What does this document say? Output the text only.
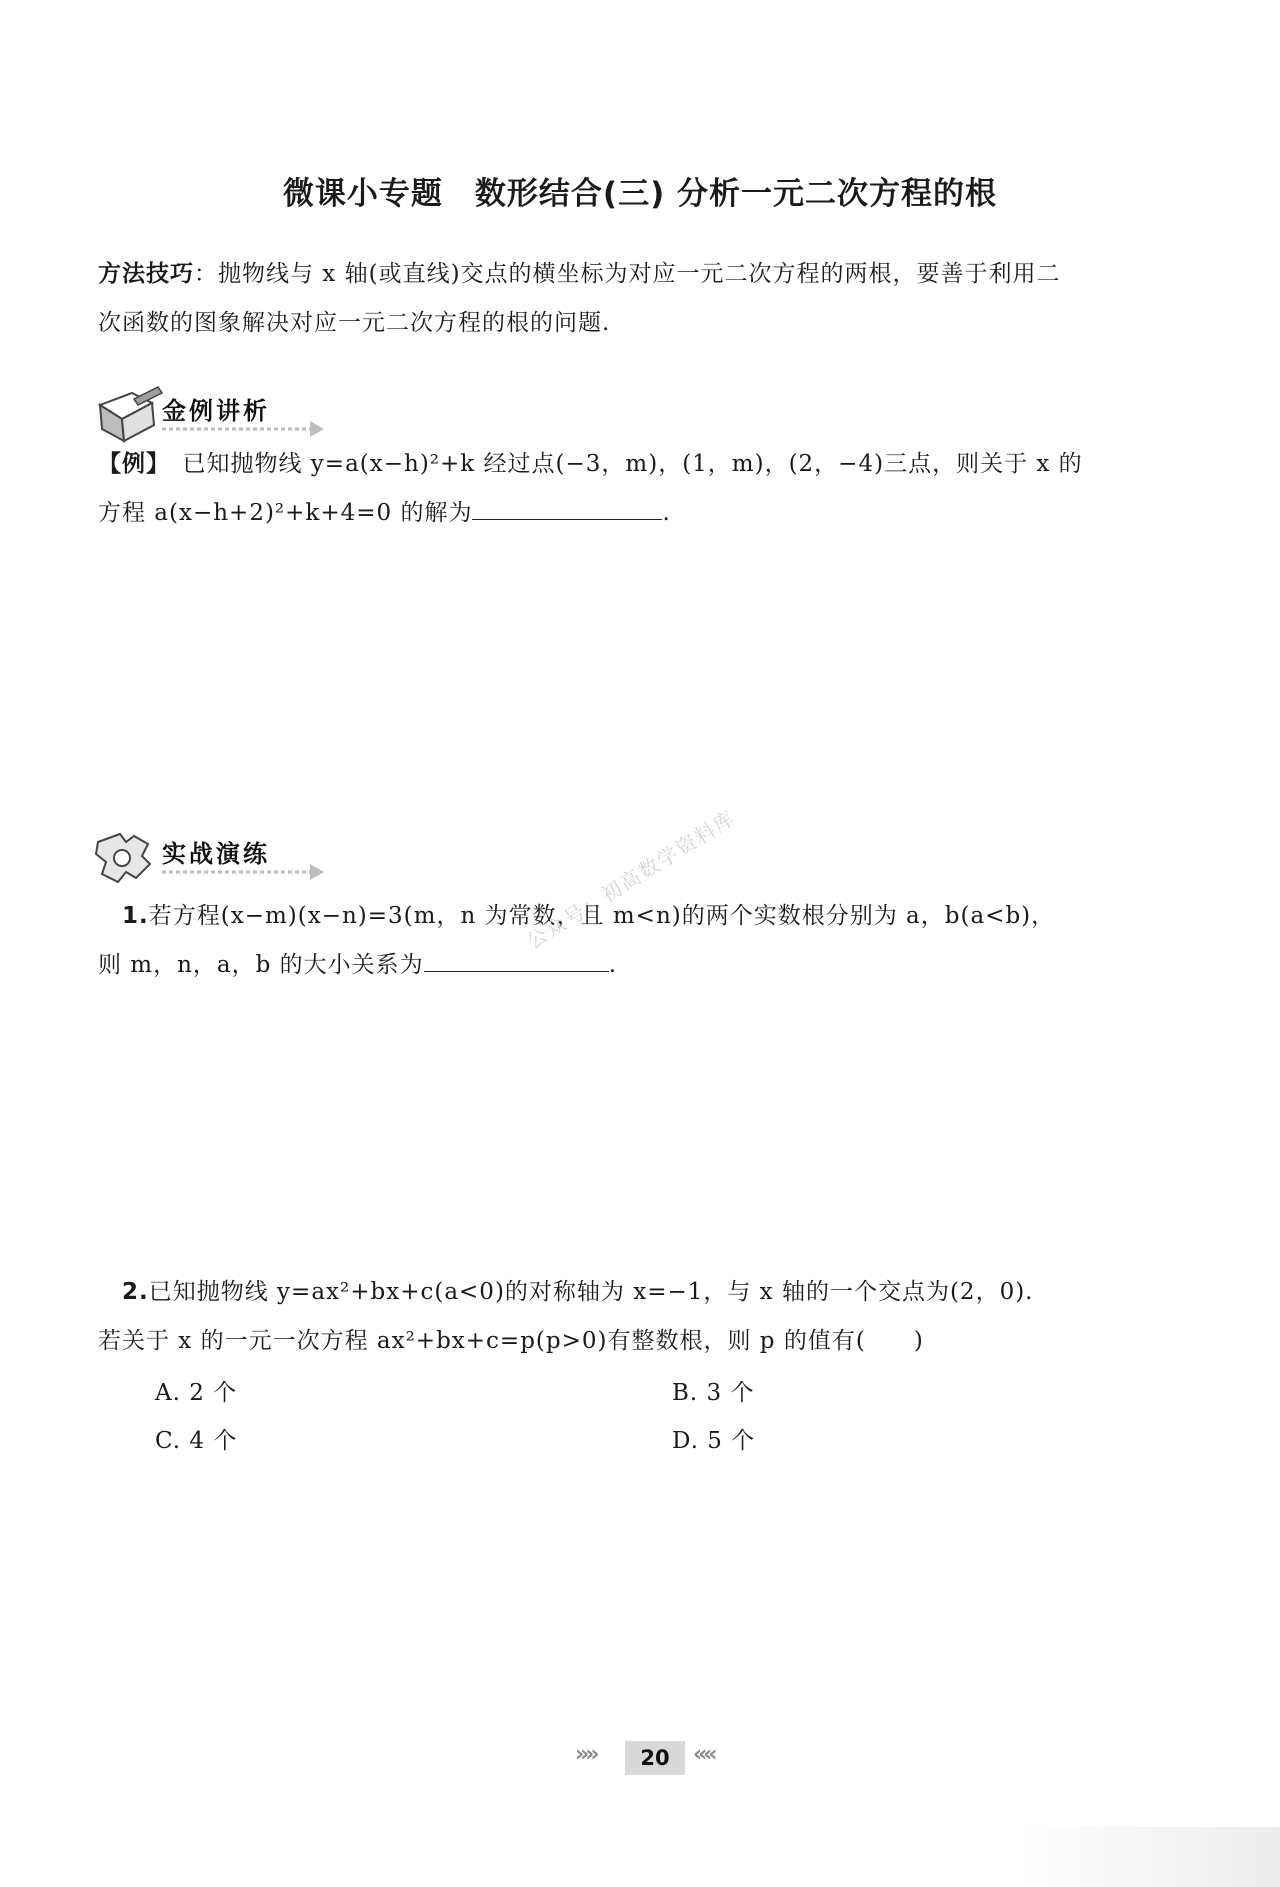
微课小专题　数形结合(三) 分析一元二次方程的根
方法技巧：抛物线与 x 轴(或直线)交点的横坐标为对应一元二次方程的两根，要善于利用二
次函数的图象解决对应一元二次方程的根的问题.
金例讲析
【例】　 已知抛物线 y=a(x−h)²+k 经过点(−3，m)，(1，m)，(2，−4)三点，则关于 x 的
方程 a(x−h+2)²+k+4=0 的解为	.
实战演练
　1.若方程(x−m)(x−n)=3(m，n 为常数，且 m<n)的两个实数根分别为 a，b(a<b)，
则 m，n，a，b 的大小关系为	.
公众号：初高数学资料库
　2.已知抛物线 y=ax²+bx+c(a<0)的对称轴为 x=−1，与 x 轴的一个交点为(2，0).
若关于 x 的一元一次方程 ax²+bx+c=p(p>0)有整数根，则 p 的值有(　　)
A. 2 个	B. 3 个
C. 4 个	D. 5 个
»»	20	««
